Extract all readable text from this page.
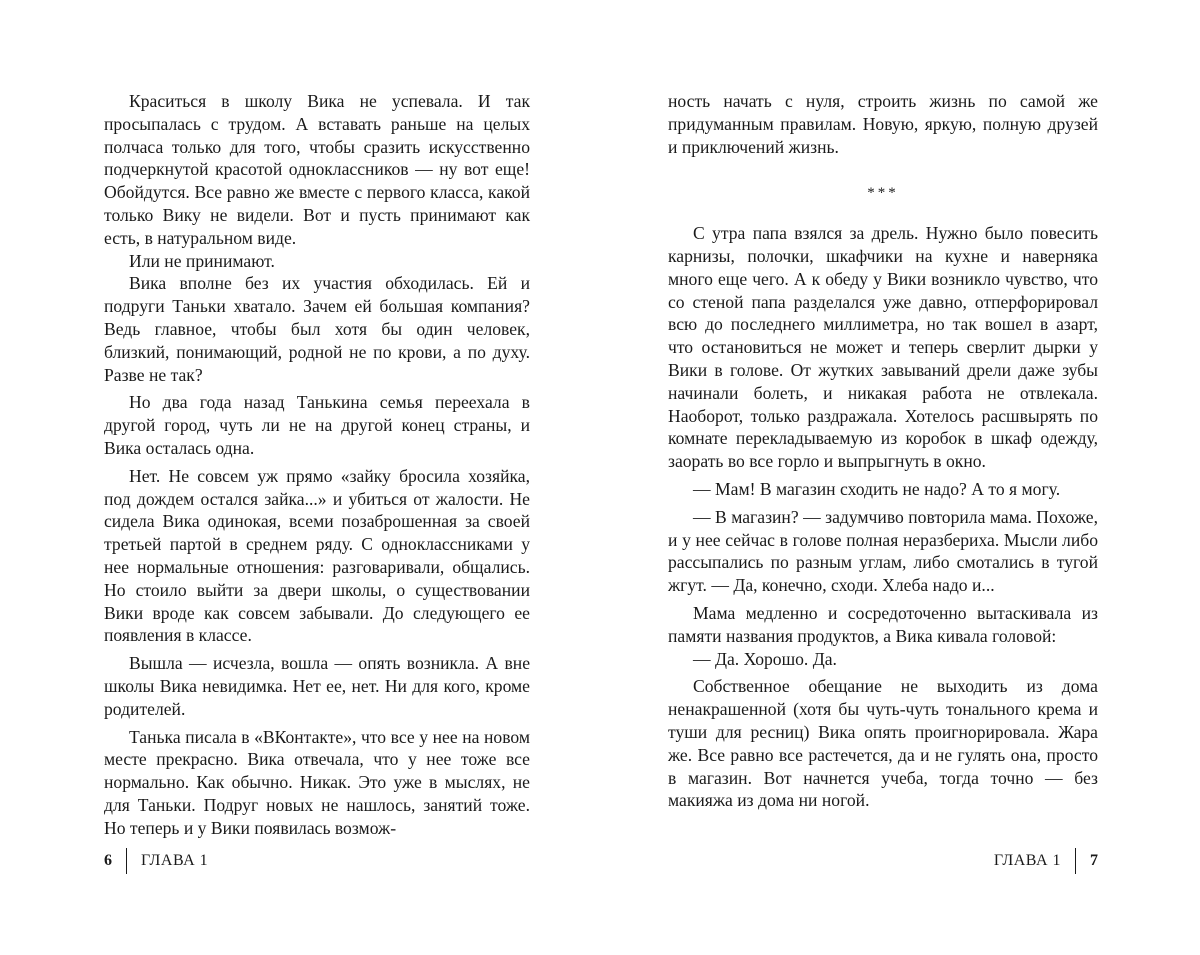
Краситься в школу Вика не успевала. И так просыпалась с трудом. А вставать раньше на целых полчаса только для того, чтобы сразить искусственно подчеркнутой красотой одноклассников — ну вот еще! Обойдутся. Все равно же вместе с первого класса, какой только Вику не видели. Вот и пусть принимают как есть, в натуральном виде.

Или не принимают.

Вика вполне без их участия обходилась. Ей и подруги Таньки хватало. Зачем ей большая компания? Ведь главное, чтобы был хотя бы один человек, близкий, понимающий, родной не по крови, а по духу. Разве не так?

Но два года назад Танькина семья переехала в другой город, чуть ли не на другой конец страны, и Вика осталась одна.

Нет. Не совсем уж прямо «зайку бросила хозяйка, под дождем остался зайка...» и убиться от жалости. Не сидела Вика одинокая, всеми позаброшенная за своей третьей партой в среднем ряду. С одноклассниками у нее нормальные отношения: разговаривали, общались. Но стоило выйти за двери школы, о существовании Вики вроде как совсем забывали. До следующего ее появления в классе.

Вышла — исчезла, вошла — опять возникла. А вне школы Вика невидимка. Нет ее, нет. Ни для кого, кроме родителей.

Танька писала в «ВКонтакте», что все у нее на новом месте прекрасно. Вика отвечала, что у нее тоже все нормально. Как обычно. Никак. Это уже в мыслях, не для Таньки. Подруг новых не нашлось, занятий тоже. Но теперь и у Вики появилась возмож-

6 ГЛАВА 1

ность начать с нуля, строить жизнь по самой же придуманным правилам. Новую, яркую, полную друзей и приключений жизнь.

***

С утра папа взялся за дрель. Нужно было повесить карнизы, полочки, шкафчики на кухне и наверняка много еще чего. А к обеду у Вики возникло чувство, что со стеной папа разделался уже давно, отперфорировал всю до последнего миллиметра, но так вошел в азарт, что остановиться не может и теперь сверлит дырки у Вики в голове. От жутких завываний дрели даже зубы начинали болеть, и никакая работа не отвлекала. Наоборот, только раздражала. Хотелось расшвырять по комнате перекладываемую из коробок в шкаф одежду, заорать во все горло и выпрыгнуть в окно.

— Мам! В магазин сходить не надо? А то я могу.

— В магазин? — задумчиво повторила мама. Похоже, и у нее сейчас в голове полная неразбериха. Мысли либо рассыпались по разным углам, либо смотались в тугой жгут. — Да, конечно, сходи. Хлеба надо и...

Мама медленно и сосредоточенно вытаскивала из памяти названия продуктов, а Вика кивала головой:

— Да. Хорошо. Да.

Собственное обещание не выходить из дома ненакрашенной (хотя бы чуть-чуть тонального крема и туши для ресниц) Вика опять проигнорировала. Жара же. Все равно все растечется, да и не гулять она, просто в магазин. Вот начнется учеба, тогда точно — без макияжа из дома ни ногой.

ГЛАВА 1 7
